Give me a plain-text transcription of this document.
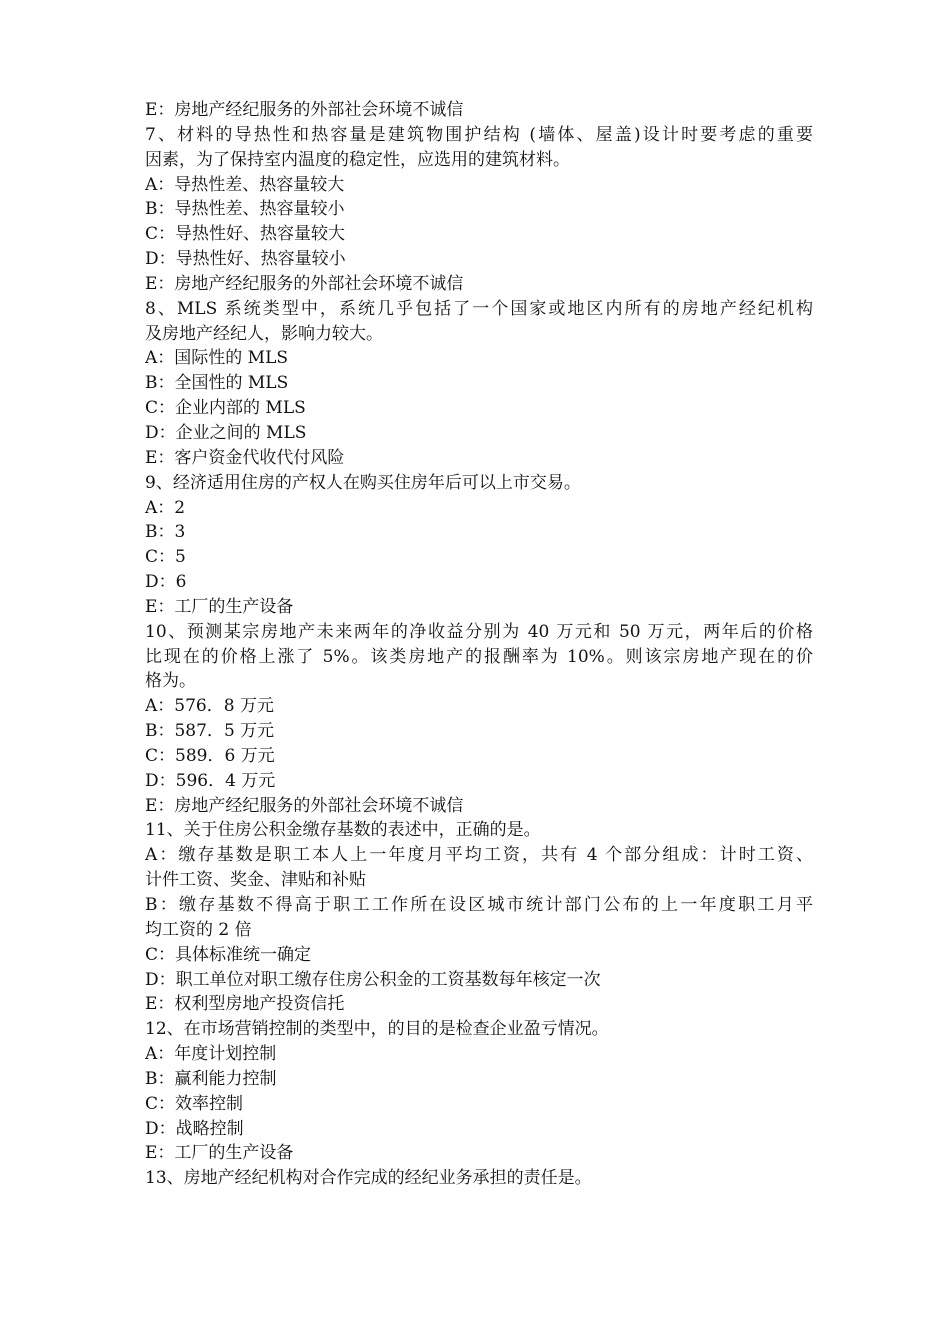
E：房地产经纪服务的外部社会环境不诚信
7、材料的导热性和热容量是建筑物围护结构 (墙体、屋盖)设计时要考虑的重要
因素，为了保持室内温度的稳定性，应选用的建筑材料。
A：导热性差、热容量较大
B：导热性差、热容量较小
C：导热性好、热容量较大
D：导热性好、热容量较小
E：房地产经纪服务的外部社会环境不诚信
8、MLS 系统类型中，系统几乎包括了一个国家或地区内所有的房地产经纪机构
及房地产经纪人，影响力较大。
A：国际性的 MLS
B：全国性的 MLS
C：企业内部的 MLS
D：企业之间的 MLS
E：客户资金代收代付风险
9、经济适用住房的产权人在购买住房年后可以上市交易。
A：2
B：3
C：5
D：6
E：工厂的生产设备
10、预测某宗房地产未来两年的净收益分别为 40 万元和 50 万元，两年后的价格
比现在的价格上涨了 5%。该类房地产的报酬率为 10%。则该宗房地产现在的价
格为。
A：576．8 万元
B：587．5 万元
C：589．6 万元
D：596．4 万元
E：房地产经纪服务的外部社会环境不诚信
11、关于住房公积金缴存基数的表述中，正确的是。
A：缴存基数是职工本人上一年度月平均工资，共有 4 个部分组成：计时工资、
计件工资、奖金、津贴和补贴
B：缴存基数不得高于职工工作所在设区城市统计部门公布的上一年度职工月平
均工资的 2 倍
C：具体标准统一确定
D：职工单位对职工缴存住房公积金的工资基数每年核定一次
E：权利型房地产投资信托
12、在市场营销控制的类型中，的目的是检查企业盈亏情况。
A：年度计划控制
B：赢利能力控制
C：效率控制
D：战略控制
E：工厂的生产设备
13、房地产经纪机构对合作完成的经纪业务承担的责任是。
